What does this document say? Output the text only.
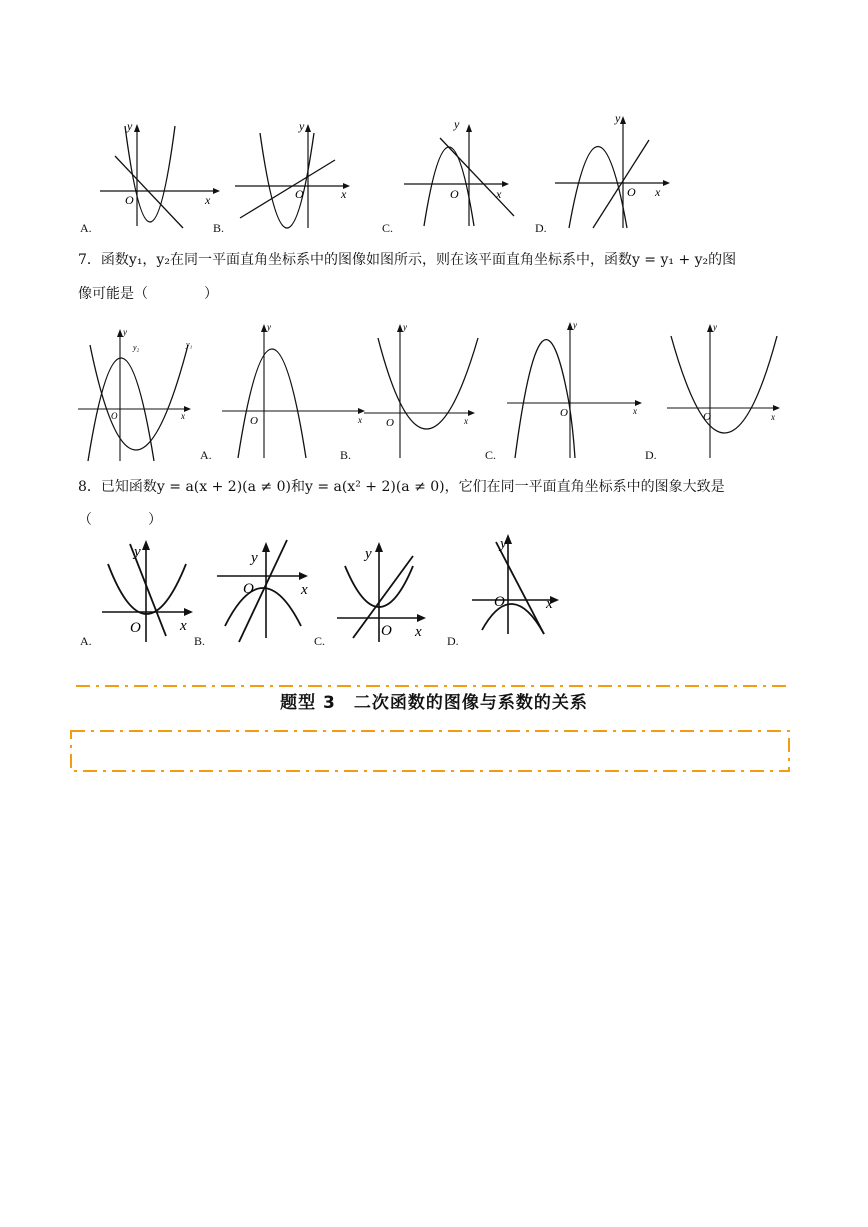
y
x
O
y
x
O
y
x
O
y
x
O
A.	B.	C.	D.
7．函数y₁，y₂在同一平面直角坐标系中的图像如图所示，则在该平面直角坐标系中，函数y = y₁ + y₂的图
像可能是（　　　　）
y
x
O
y₁
y₂
y
x
O
y
x
O
y
x
O
y
x
O
A.	B.	C.	D.
8．已知函数y = a(x + 2)(a ≠ 0)和y = a(x² + 2)(a ≠ 0)，它们在同一平面直角坐标系中的图象大致是
（　　　　）
y
x
O
y
x
O
y
x
O
y
x
O
A.	B.	C.	D.
题型 3　二次函数的图像与系数的关系
